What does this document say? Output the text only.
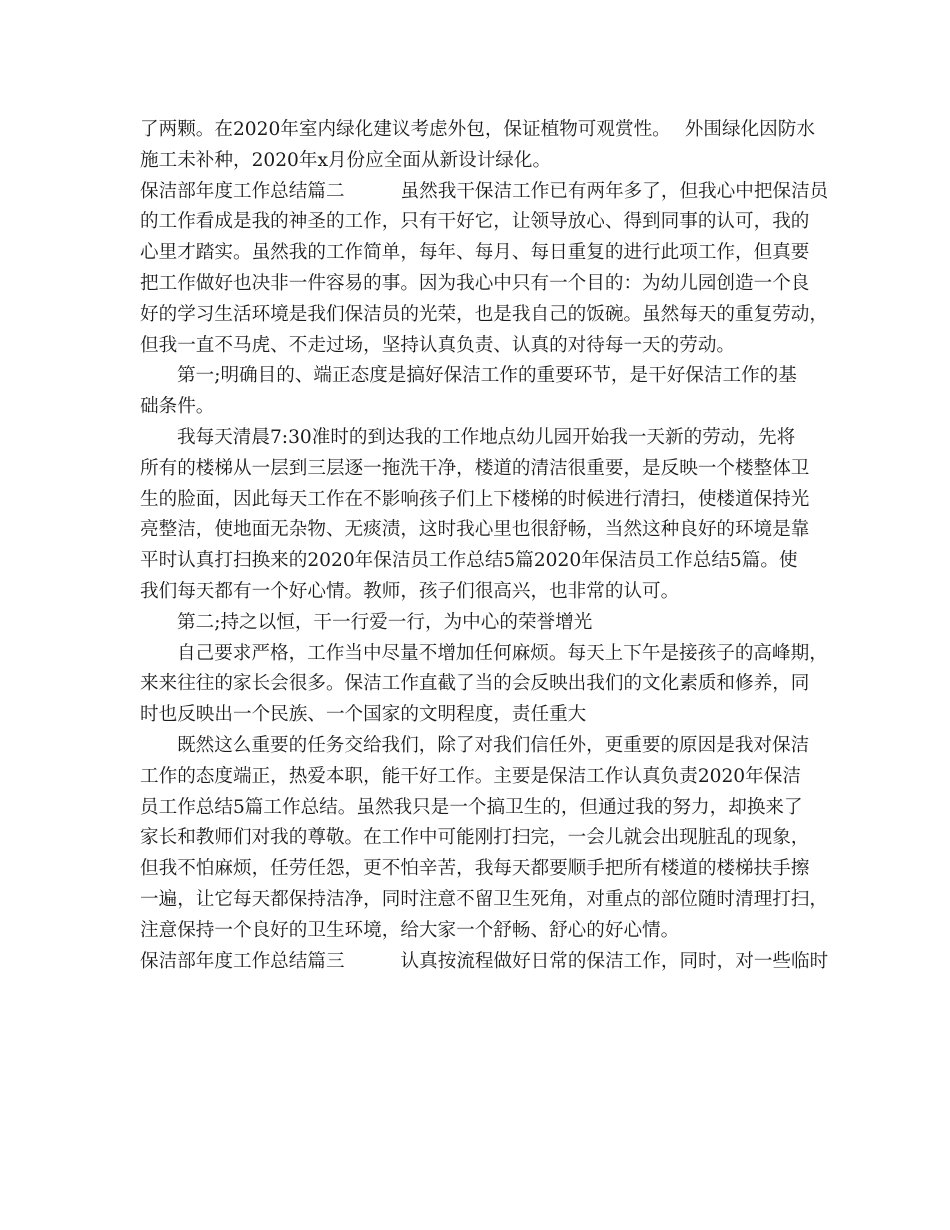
了两颗。在2020年室内绿化建议考虑外包，保证植物可观赏性。 外围绿化因防水
施工未补种，2020年x月份应全面从新设计绿化。
保洁部年度工作总结篇二	虽然我干保洁工作已有两年多了，但我心中把保洁员
的工作看成是我的神圣的工作，只有干好它，让领导放心、得到同事的认可，我的
心里才踏实。虽然我的工作简单，每年、每月、每日重复的进行此项工作，但真要
把工作做好也决非一件容易的事。因为我心中只有一个目的：为幼儿园创造一个良
好的学习生活环境是我们保洁员的光荣，也是我自己的饭碗。虽然每天的重复劳动，
但我一直不马虎、不走过场，坚持认真负责、认真的对待每一天的劳动。
第一;明确目的、端正态度是搞好保洁工作的重要环节，是干好保洁工作的基
础条件。
我每天清晨7:30准时的到达我的工作地点幼儿园开始我一天新的劳动，先将
所有的楼梯从一层到三层逐一拖洗干净，楼道的清洁很重要，是反映一个楼整体卫
生的脸面，因此每天工作在不影响孩子们上下楼梯的时候进行清扫，使楼道保持光
亮整洁，使地面无杂物、无痰渍，这时我心里也很舒畅，当然这种良好的环境是靠
平时认真打扫换来的2020年保洁员工作总结5篇2020年保洁员工作总结5篇。使
我们每天都有一个好心情。教师，孩子们很高兴，也非常的认可。
第二;持之以恒，干一行爱一行，为中心的荣誉增光
自己要求严格，工作当中尽量不增加任何麻烦。每天上下午是接孩子的高峰期，
来来往往的家长会很多。保洁工作直截了当的会反映出我们的文化素质和修养，同
时也反映出一个民族、一个国家的文明程度，责任重大
既然这么重要的任务交给我们，除了对我们信任外，更重要的原因是我对保洁
工作的态度端正，热爱本职，能干好工作。主要是保洁工作认真负责2020年保洁
员工作总结5篇工作总结。虽然我只是一个搞卫生的，但通过我的努力，却换来了
家长和教师们对我的尊敬。在工作中可能刚打扫完，一会儿就会出现脏乱的现象，
但我不怕麻烦，任劳任怨，更不怕辛苦，我每天都要顺手把所有楼道的楼梯扶手擦
一遍，让它每天都保持洁净，同时注意不留卫生死角，对重点的部位随时清理打扫，
注意保持一个良好的卫生环境，给大家一个舒畅、舒心的好心情。
保洁部年度工作总结篇三	认真按流程做好日常的保洁工作，同时，对一些临时
